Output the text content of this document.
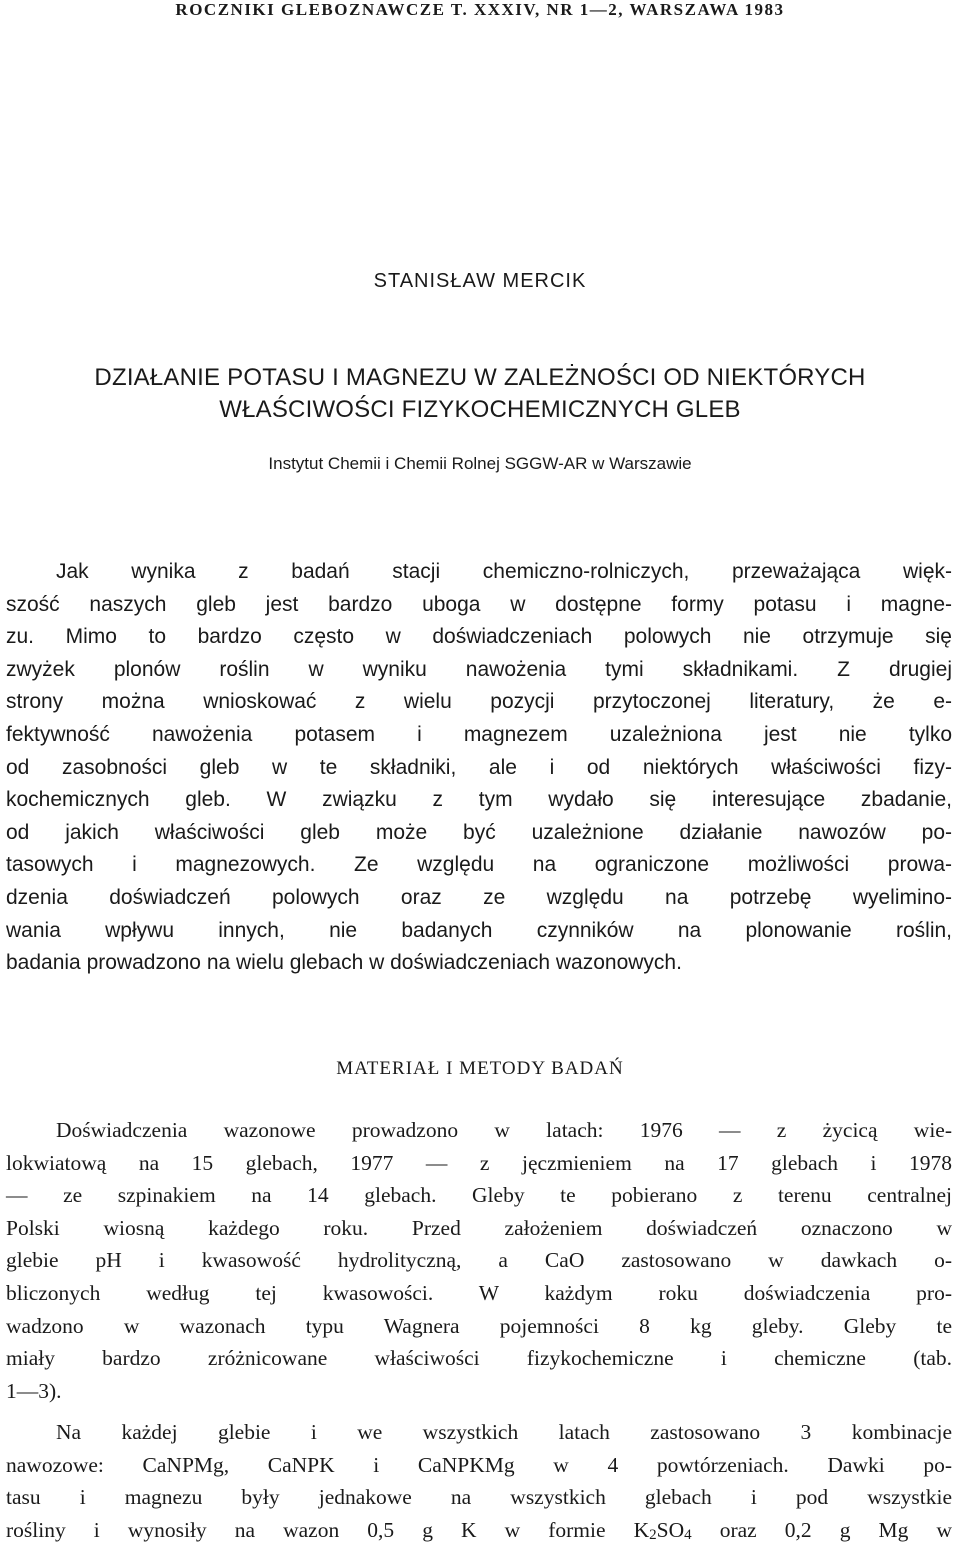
ROCZNIKI GLEBOZNAWCZE T. XXXIV, NR 1—2, WARSZAWA 1983
STANISŁAW MERCIK
DZIAŁANIE POTASU I MAGNEZU W ZALEŻNOŚCI OD NIEKTÓRYCH
WŁAŚCIWOŚCI FIZYKOCHEMICZNYCH GLEB
Instytut Chemii i Chemii Rolnej SGGW-AR w Warszawie
Jak wynika z badań stacji chemiczno-rolniczych, przeważająca więk-
szość naszych gleb jest bardzo uboga w dostępne formy potasu i magne-
zu. Mimo to bardzo często w doświadczeniach polowych nie otrzymuje się
zwyżek plonów roślin w wyniku nawożenia tymi składnikami. Z drugiej
strony można wnioskować z wielu pozycji przytoczonej literatury, że e-
fektywność nawożenia potasem i magnezem uzależniona jest nie tylko
od zasobności gleb w te składniki, ale i od niektórych właściwości fizy-
kochemicznych gleb. W związku z tym wydało się interesujące zbadanie,
od jakich właściwości gleb może być uzależnione działanie nawozów po-
tasowych i magnezowych. Ze względu na ograniczone możliwości prowa-
dzenia doświadczeń polowych oraz ze względu na potrzebę wyelimino-
wania wpływu innych, nie badanych czynników na plonowanie roślin,
badania prowadzono na wielu glebach w doświadczeniach wazonowych.
MATERIAŁ I METODY BADAŃ
Doświadczenia wazonowe prowadzono w latach: 1976 — z życicą wie-
lokwiatową na 15 glebach, 1977 — z jęczmieniem na 17 glebach i 1978
— ze szpinakiem na 14 glebach. Gleby te pobierano z terenu centralnej
Polski wiosną każdego roku. Przed założeniem doświadczeń oznaczono w
glebie pH i kwasowość hydrolityczną, a CaO zastosowano w dawkach o-
bliczonych według tej kwasowości. W każdym roku doświadczenia pro-
wadzono w wazonach typu Wagnera pojemności 8 kg gleby. Gleby te
miały bardzo zróżnicowane właściwości fizykochemiczne i chemiczne (tab.
1—3).
Na każdej glebie i we wszystkich latach zastosowano 3 kombinacje
nawozowe: CaNPMg, CaNPK i CaNPKMg w 4 powtórzeniach. Dawki po-
tasu i magnezu były jednakowe na wszystkich glebach i pod wszystkie
rośliny i wynosiły na wazon 0,5 g K w formie $K_2SO_4$ oraz 0,2 g Mg w
